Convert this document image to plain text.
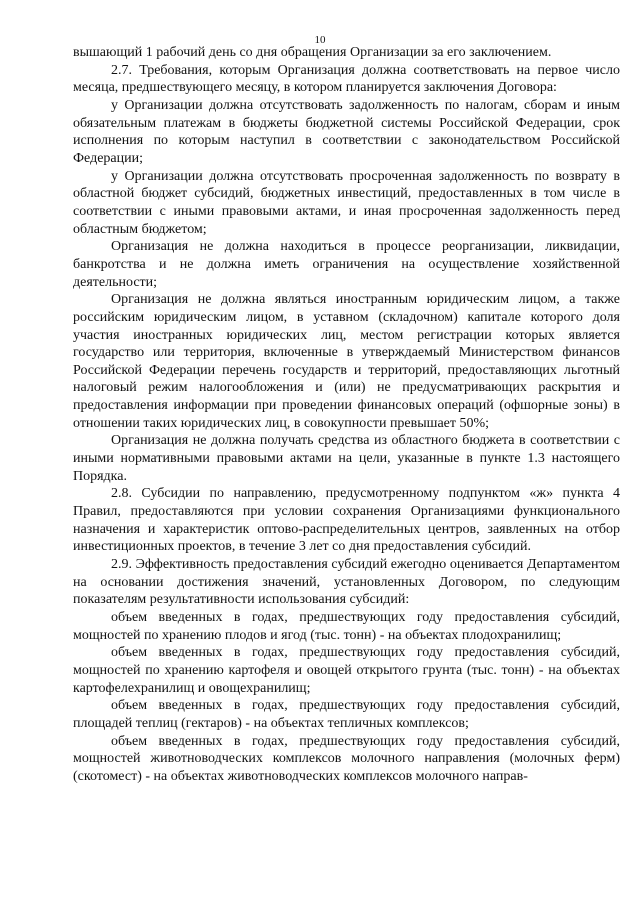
10

вышающий 1 рабочий день со дня обращения Организации за его заключением.

2.7. Требования, которым Организация должна соответствовать на первое число месяца, предшествующего месяцу, в котором планируется заключения Договора:

у Организации должна отсутствовать задолженность по налогам, сборам и иным обязательным платежам в бюджеты бюджетной системы Российской Федерации, срок исполнения по которым наступил в соответствии с законодательством Российской Федерации;

у Организации должна отсутствовать просроченная задолженность по возврату в областной бюджет субсидий, бюджетных инвестиций, предоставленных в том числе в соответствии с иными правовыми актами, и иная просроченная задолженность перед областным бюджетом;

Организация не должна находиться в процессе реорганизации, ликвидации, банкротства и не должна иметь ограничения на осуществление хозяйственной деятельности;

Организация не должна являться иностранным юридическим лицом, а также российским юридическим лицом, в уставном (складочном) капитале которого доля участия иностранных юридических лиц, местом регистрации которых является государство или территория, включенные в утверждаемый Министерством финансов Российской Федерации перечень государств и территорий, предоставляющих льготный налоговый режим налогообложения и (или) не предусматривающих раскрытия и предоставления информации при проведении финансовых операций (офшорные зоны) в отношении таких юридических лиц, в совокупности превышает 50%;

Организация не должна получать средства из областного бюджета в соответствии с иными нормативными правовыми актами на цели, указанные в пункте 1.3 настоящего Порядка.

2.8. Субсидии по направлению, предусмотренному подпунктом «ж» пункта 4 Правил, предоставляются при условии сохранения Организациями функционального назначения и характеристик оптово-распределительных центров, заявленных на отбор инвестиционных проектов, в течение 3 лет со дня предоставления субсидий.

2.9. Эффективность предоставления субсидий ежегодно оценивается Департаментом на основании достижения значений, установленных Договором, по следующим показателям результативности использования субсидий:

объем введенных в годах, предшествующих году предоставления субсидий, мощностей по хранению плодов и ягод (тыс. тонн) - на объектах плодохранилищ;

объем введенных в годах, предшествующих году предоставления субсидий, мощностей по хранению картофеля и овощей открытого грунта (тыс. тонн) - на объектах картофелехранилищ и овощехранилищ;

объем введенных в годах, предшествующих году предоставления субсидий, площадей теплиц (гектаров) - на объектах тепличных комплексов;

объем введенных в годах, предшествующих году предоставления субсидий, мощностей животноводческих комплексов молочного направления (молочных ферм) (скотомест) - на объектах животноводческих комплексов молочного направ-
